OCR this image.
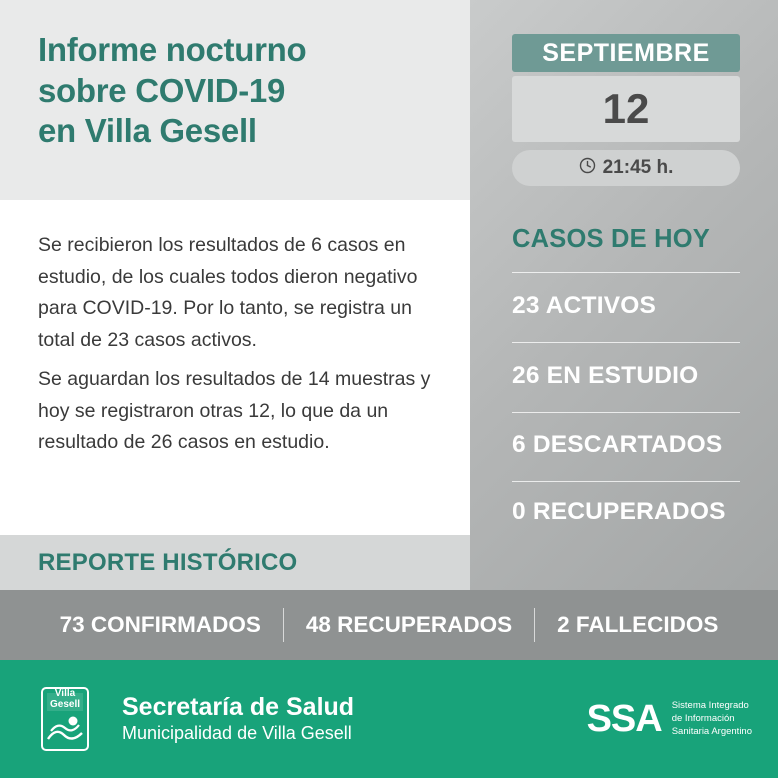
Informe nocturno
sobre COVID-19
en Villa Gesell

Se recibieron los resultados de 6 casos en estudio, de los cuales todos dieron negativo para COVID-19. Por lo tanto, se registra un total de 23 casos activos.

Se aguardan los resultados de 14 muestras y hoy se registraron otras 12, lo que da un resultado de 26 casos en estudio.

SEPTIEMBRE
12
21:45 h.
CASOS DE HOY
23 ACTIVOS
26 EN ESTUDIO
6 DESCARTADOS
0 RECUPERADOS
REPORTE HISTÓRICO
73 CONFIRMADOS	48 RECUPERADOS	2 FALLECIDOS
Villa
Gesell	Secretaría de Salud
Municipalidad de Villa Gesell	SSA Sistema Integrado
de Información
Sanitaria Argentino
